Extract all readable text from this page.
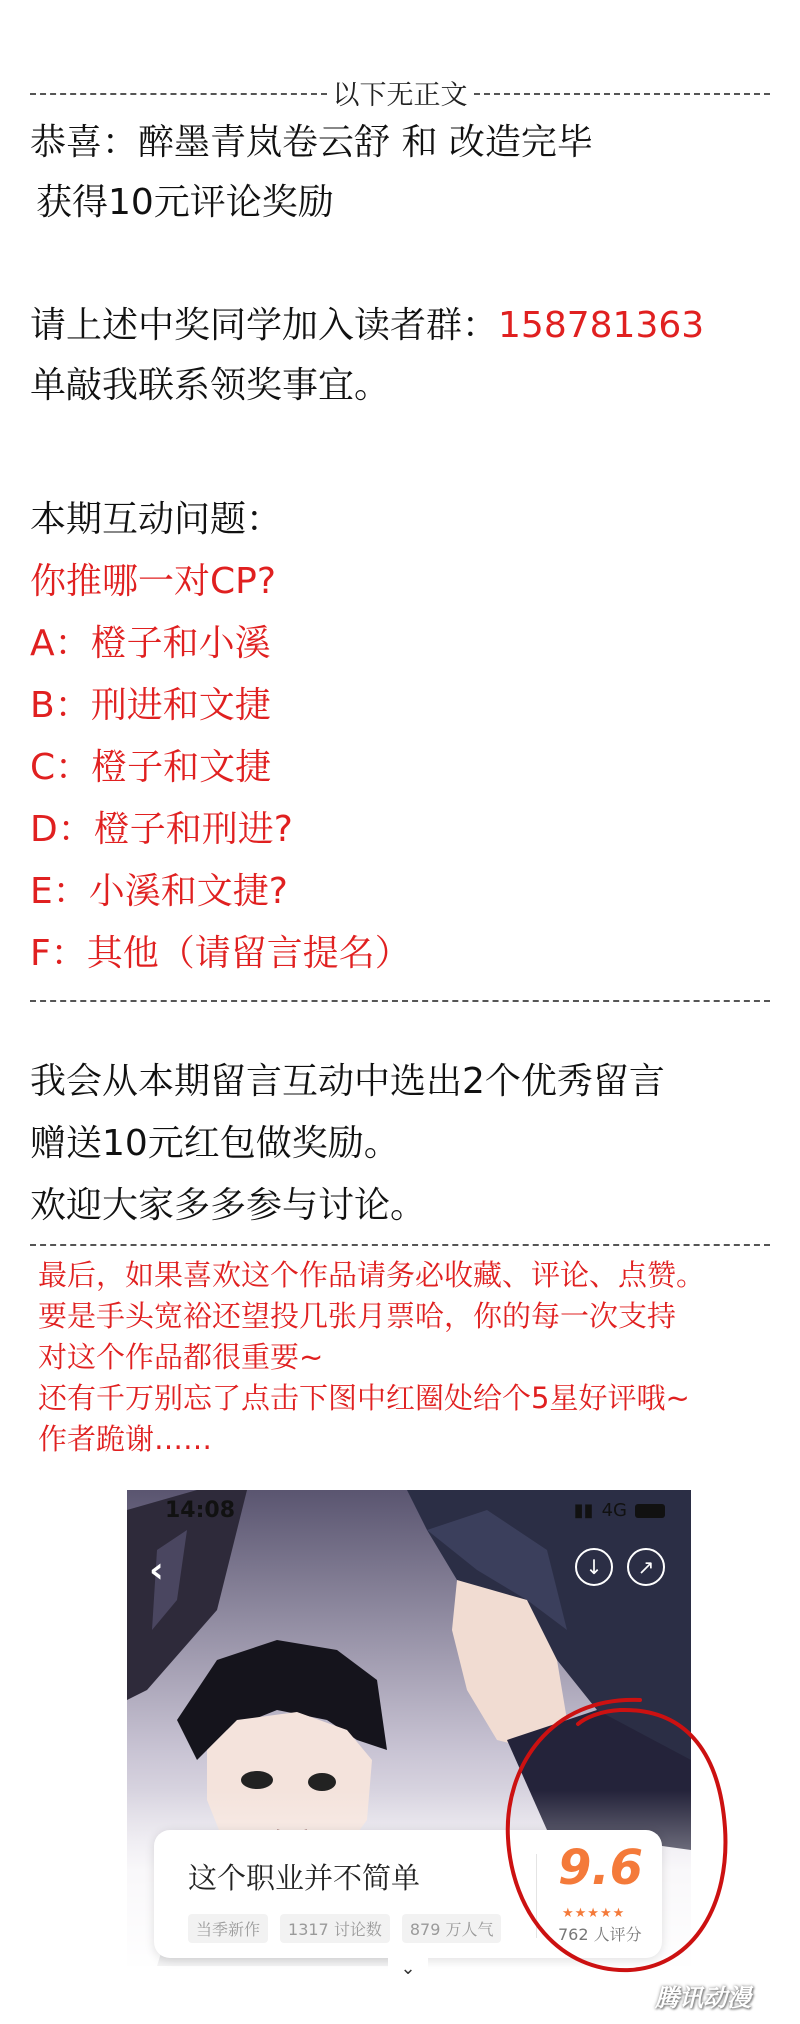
以下无正文
恭喜：醉墨青岚卷云舒 和 改造完毕
获得10元评论奖励
请上述中奖同学加入读者群：158781363
单敲我联系领奖事宜。
本期互动问题：
你推哪一对CP?
A：橙子和小溪
B：刑进和文捷
C：橙子和文捷
D：橙子和刑进?
E：小溪和文捷?
F：其他（请留言提名）
我会从本期留言互动中选出2个优秀留言
赠送10元红包做奖励。
欢迎大家多多参与讨论。
最后，如果喜欢这个作品请务必收藏、评论、点赞。
要是手头宽裕还望投几张月票哈，你的每一次支持
对这个作品都很重要~
还有千万别忘了点击下图中红圈处给个5星好评哦~
作者跪谢……
14:08	▮▮ 4G
‹	↓	↗
这个职业并不简单
当季新作	1317 讨论数	879 万人气
9.6
★★★★★
762 人评分
⌄
腾讯动漫
